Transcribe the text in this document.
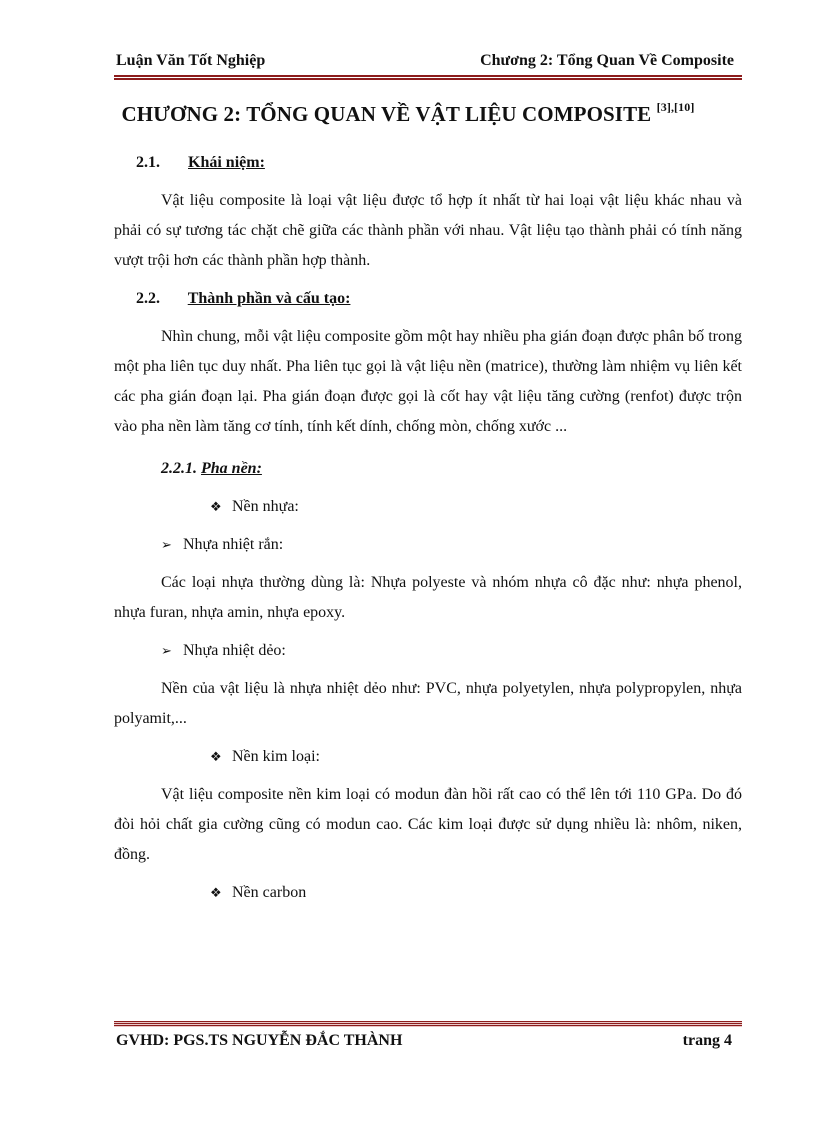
Luận Văn Tốt Nghiệp	Chương 2: Tổng Quan Về Composite
CHƯƠNG 2: TỔNG QUAN VỀ VẬT LIỆU COMPOSITE [3],[10]

2.1. Khái niệm:

Vật liệu composite là loại vật liệu được tổ hợp ít nhất từ hai loại vật liệu khác nhau và phải có sự tương tác chặt chẽ giữa các thành phần với nhau. Vật liệu tạo thành phải có tính năng vượt trội hơn các thành phần hợp thành.

2.2. Thành phần và cấu tạo:

Nhìn chung, mỗi vật liệu composite gồm một hay nhiều pha gián đoạn được phân bố trong một pha liên tục duy nhất. Pha liên tục gọi là vật liệu nền (matrice), thường làm nhiệm vụ liên kết các pha gián đoạn lại. Pha gián đoạn được gọi là cốt hay vật liệu tăng cường (renfot) được trộn vào pha nền làm tăng cơ tính, tính kết dính, chống mòn, chống xước ...

2.2.1. Pha nền:

❖ Nền nhựa:

➢ Nhựa nhiệt rắn:

Các loại nhựa thường dùng là: Nhựa polyeste và nhóm nhựa cô đặc như: nhựa phenol, nhựa furan, nhựa amin, nhựa epoxy.

➢ Nhựa nhiệt dẻo:

Nền của vật liệu là nhựa nhiệt dẻo như: PVC, nhựa polyetylen, nhựa polypropylen, nhựa polyamit,...

❖ Nền kim loại:

Vật liệu composite nền kim loại có modun đàn hồi rất cao có thể lên tới 110 GPa. Do đó đòi hỏi chất gia cường cũng có modun cao. Các kim loại được sử dụng nhiều là: nhôm, niken, đồng.

❖ Nền carbon

GVHD: PGS.TS NGUYỄN ĐẮC THÀNH	trang 4
